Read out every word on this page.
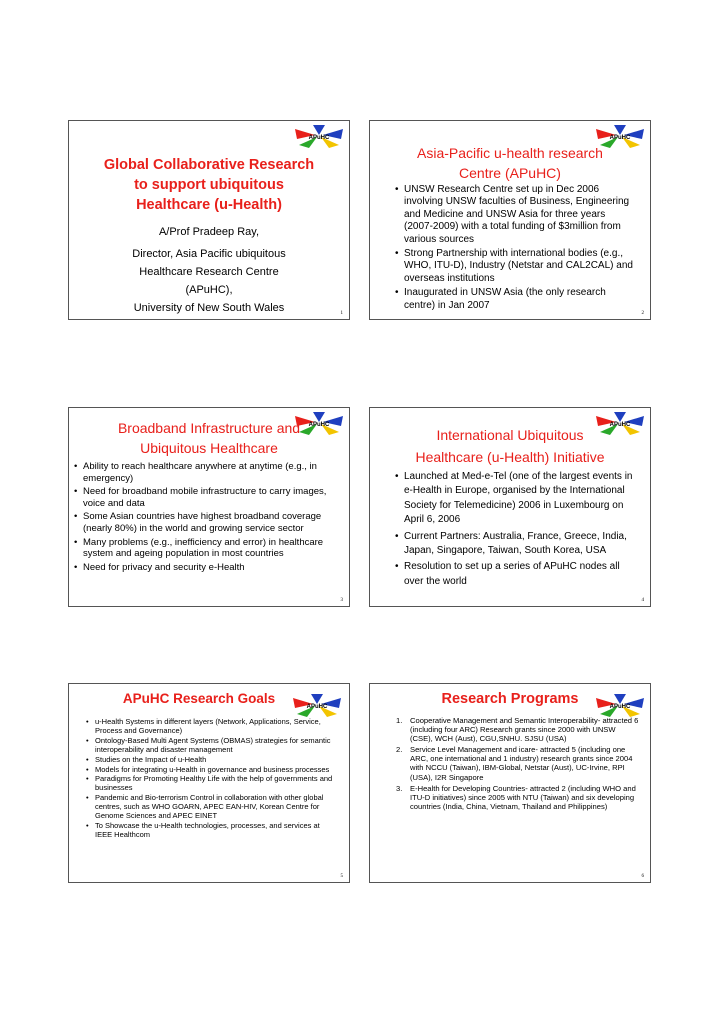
APuHC
Global Collaborative Research
to support ubiquitous
Healthcare (u-Health)
A/Prof Pradeep Ray,
Director, Asia Pacific ubiquitous
Healthcare Research Centre
(APuHC),
University of New South Wales	1
APuHC
Asia-Pacific u-health research
Centre (APuHC)
• UNSW Research Centre set up in Dec 2006 involving UNSW faculties of Business, Engineering and Medicine and UNSW Asia for three years (2007-2009) with a total funding of $3million from various sources
• Strong Partnership with international bodies (e.g., WHO, ITU-D), Industry (Netstar and CAL2CAL) and overseas institutions
• Inaugurated in UNSW Asia (the only research centre) in Jan 2007
2
APuHC
Broadband Infrastructure and
Ubiquitous Healthcare
• Ability to reach healthcare anywhere at anytime (e.g., in emergency)
• Need for broadband mobile infrastructure to carry images, voice and data
• Some Asian countries have highest broadband coverage (nearly 80%) in the world and growing service sector
• Many problems (e.g., inefficiency and error) in healthcare system and ageing population in most countries
• Need for privacy and security e-Health
3
APuHC
International Ubiquitous
Healthcare (u-Health) Initiative
• Launched at Med-e-Tel (one of the largest events in e-Health in Europe, organised by the International Society for Telemedicine) 2006 in Luxembourg on April 6, 2006
• Current Partners: Australia, France, Greece, India, Japan, Singapore, Taiwan, South Korea, USA
• Resolution to set up a series of APuHC nodes all over the world
4
APuHC
APuHC Research Goals
• u-Health Systems in different layers (Network, Applications, Service, Process and Governance)
• Ontology-Based Multi Agent Systems (OBMAS) strategies for semantic interoperability and disaster management
• Studies on the Impact of u-Health
• Models for integrating u-Health in governance and business processes
• Paradigms for Promoting Healthy Life with the help of governments and businesses
• Pandemic and Bio-terrorism Control in collaboration with other global centres, such as WHO GOARN, APEC EAN-HIV, Korean Centre for Genome Sciences and APEC EINET
• To Showcase the u-Health technologies, processes, and services at IEEE Healthcom
5
APuHC
Research Programs
1. Cooperative Management and Semantic Interoperability- attracted 6 (including four ARC) Research grants since 2000 with UNSW (CSE), WCH (Aust), CGU,SNHU. SJSU (USA)
2. Service Level Management and icare- attracted 5 (including one ARC, one international and 1 industry) research grants since 2004 with NCCU (Taiwan), IBM-Global, Netstar (Aust), UC-Irvine, RPI (USA), I2R Singapore
3. E-Health for Developing Countries- attracted 2 (including WHO and ITU-D initiatives) since 2005 with NTU (Taiwan) and six developing countries (India, China, Vietnam, Thailand and Philippines)
6
